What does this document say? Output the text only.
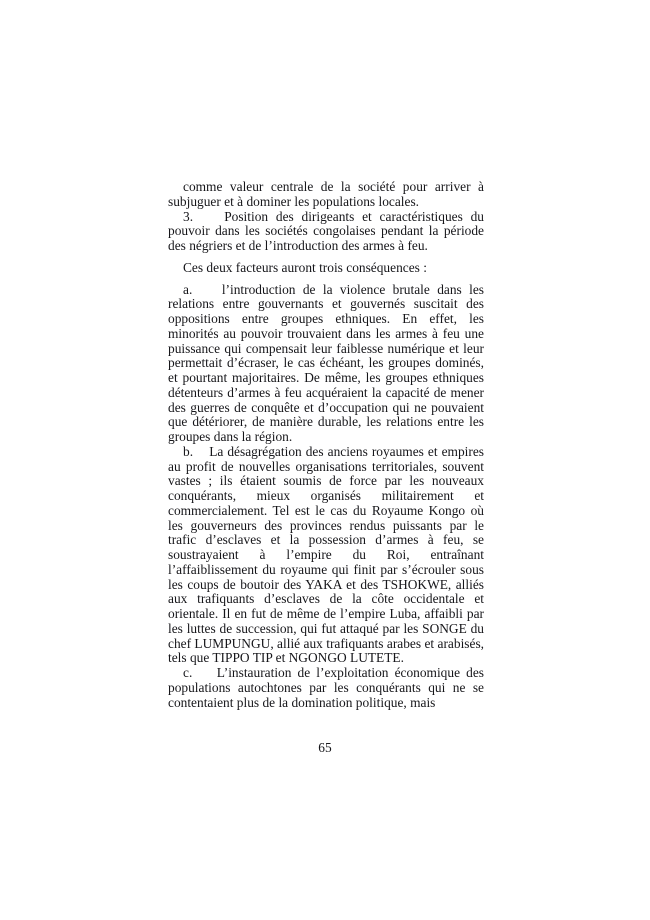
comme valeur centrale de la société pour arriver à subjuguer et à dominer les populations locales.

3. Position des dirigeants et caractéristiques du pouvoir dans les sociétés congolaises pendant la période des négriers et de l’introduction des armes à feu.

Ces deux facteurs auront trois conséquences :

a. l’introduction de la violence brutale dans les relations entre gouvernants et gouvernés suscitait des oppositions entre groupes ethniques. En effet, les minorités au pouvoir trouvaient dans les armes à feu une puissance qui compensait leur faiblesse numérique et leur permettait d’écraser, le cas échéant, les groupes dominés, et pourtant majoritaires. De même, les groupes ethniques détenteurs d’armes à feu acquéraient la capacité de mener des guerres de conquête et d’occupation qui ne pouvaient que détériorer, de manière durable, les relations entre les groupes dans la région.

b. La désagrégation des anciens royaumes et empires au profit de nouvelles organisations territoriales, souvent vastes ; ils étaient soumis de force par les nouveaux conquérants, mieux organisés militairement et commercialement. Tel est le cas du Royaume Kongo où les gouverneurs des provinces rendus puissants par le trafic d’esclaves et la possession d’armes à feu, se soustrayaient à l’empire du Roi, entraînant l’affaiblissement du royaume qui finit par s’écrouler sous les coups de boutoir des YAKA et des TSHOKWE, alliés aux trafiquants d’esclaves de la côte occidentale et orientale. Il en fut de même de l’empire Luba, affaibli par les luttes de succession, qui fut attaqué par les SONGE du chef LUMPUNGU, allié aux trafiquants arabes et arabisés, tels que TIPPO TIP et NGONGO LUTETE.

c. L’instauration de l’exploitation économique des populations autochtones par les conquérants qui ne se contentaient plus de la domination politique, mais

65
